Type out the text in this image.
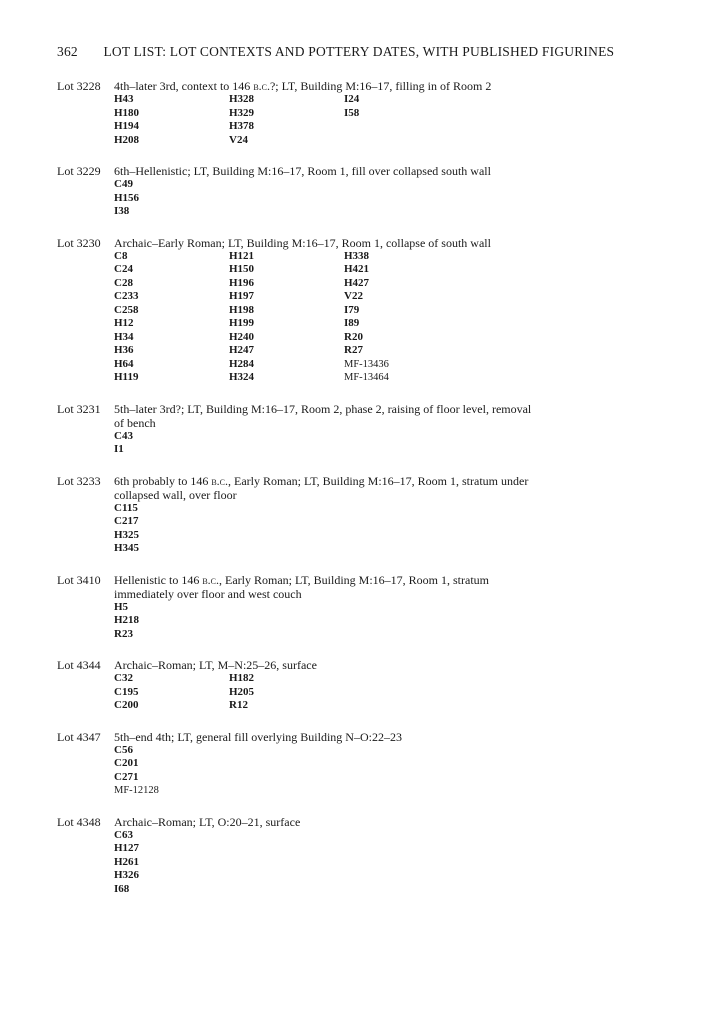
362 LOT LIST: LOT CONTEXTS AND POTTERY DATES, WITH PUBLISHED FIGURINES
Lot 3228 4th–later 3rd, context to 146 b.c.?; LT, Building M:16–17, filling in of Room 2
H43
H180
H194
H208
H328
H329
H378
V24
I24
I58
Lot 3229 6th–Hellenistic; LT, Building M:16–17, Room 1, fill over collapsed south wall
C49
H156
I38
Lot 3230 Archaic–Early Roman; LT, Building M:16–17, Room 1, collapse of south wall
C8
C24
C28
C233
C258
H12
H34
H36
H64
H119
H121
H150
H196
H197
H198
H199
H240
H247
H284
H324
H338
H421
H427
V22
I79
I89
R20
R27
MF-13436
MF-13464
Lot 3231 5th–later 3rd?; LT, Building M:16–17, Room 2, phase 2, raising of floor level, removal of bench
C43
I1
Lot 3233 6th probably to 146 b.c., Early Roman; LT, Building M:16–17, Room 1, stratum under collapsed wall, over floor
C115
C217
H325
H345
Lot 3410 Hellenistic to 146 b.c., Early Roman; LT, Building M:16–17, Room 1, stratum immediately over floor and west couch
H5
H218
R23
Lot 4344 Archaic–Roman; LT, M–N:25–26, surface
C32
C195
C200
H182
H205
R12
Lot 4347 5th–end 4th; LT, general fill overlying Building N–O:22–23
C56
C201
C271
MF-12128
Lot 4348 Archaic–Roman; LT, O:20–21, surface
C63
H127
H261
H326
I68
